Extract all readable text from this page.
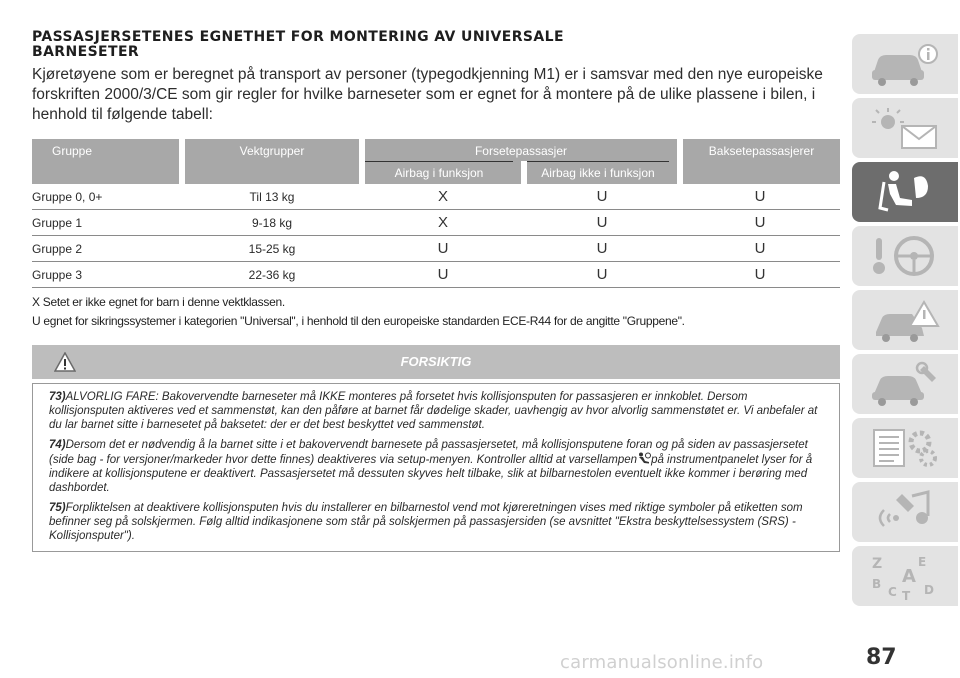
PASSASJERSETENES EGNETHET FOR MONTERING AV UNIVERSALE
BARNESETER

Kjøretøyene som er beregnet på transport av personer (typegodkjenning M1) er i samsvar med den nye europeiske forskriften 2000/3/CE som gir regler for hvilke barneseter som er egnet for å montere på de ulike plassene i bilen, i henhold til følgende tabell:

Gruppe	Vektgrupper	Forsetepassasjer		Baksetepassasjerer

		Airbag i funksjon	Airbag ikke i funksjon	

Gruppe 0, 0+	Til 13 kg	X	U	U
Gruppe 1	9-18 kg	X	U	U
Gruppe 2	15-25 kg	U	U	U
Gruppe 3	22-36 kg	U	U	U

X Setet er ikke egnet for barn i denne vektklassen.

U egnet for sikringssystemer i kategorien "Universal", i henhold til den europeiske standarden ECE-R44 for de angitte "Gruppene".

FORSIKTIG

73)ALVORLIG FARE: Bakovervendte barneseter må IKKE monteres på forsetet hvis kollisjonsputen for passasjeren er innkoblet. Dersom kollisjonsputen aktiveres ved et sammenstøt, kan den påføre at barnet får dødelige skader, uavhengig av hvor alvorlig sammenstøtet er. Vi anbefaler at du lar barnet sitte i barnesetet på baksetet: der er det best beskyttet ved sammenstøt.

74)Dersom det er nødvendig å la barnet sitte i et bakovervendt barnesete på passasjersetet, må kollisjonsputene foran og på siden av passasjersetet (side bag - for versjoner/markeder hvor dette finnes) deaktiveres via setup-menyen. Kontroller alltid at varsellampen på instrumentpanelet lyser for å indikere at kollisjonsputene er deaktivert. Passasjersetet må dessuten skyves helt tilbake, slik at bilbarnestolen eventuelt ikke kommer i berøring med dashbordet.

75)Forpliktelsen at deaktivere kollisjonsputen hvis du installerer en bilbarnestol vend mot kjøreretningen vises med riktige symboler på etiketten som befinner seg på solskjermen. Følg alltid indikasjonene som står på solskjermen på passasjersiden (se avsnittet "Ekstra beskyttelsessystem (SRS) - Kollisjonsputer").

Z	E
B A
C D
T
carmanualsonline.info	87
